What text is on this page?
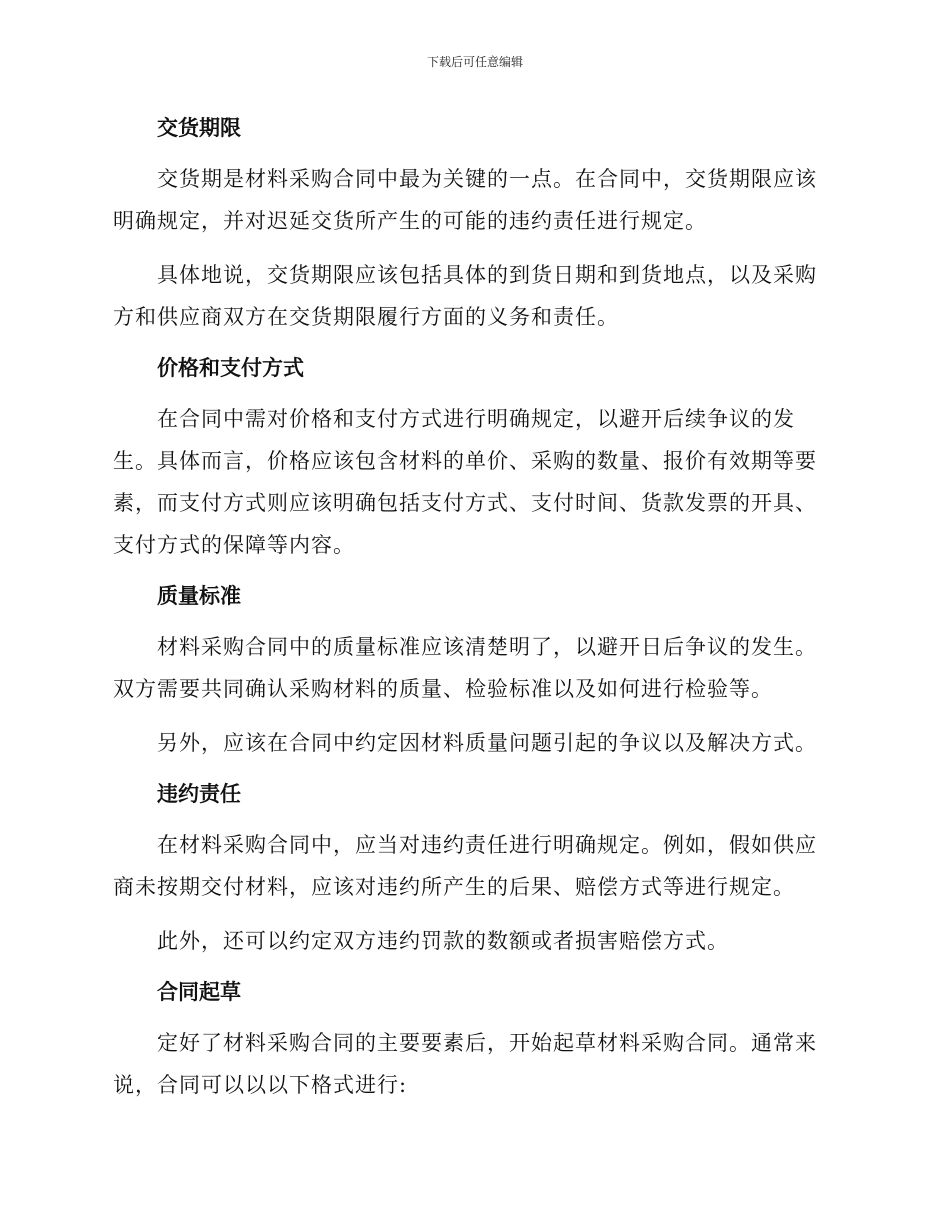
下载后可任意编辑
交货期限

交货期是材料采购合同中最为关键的一点。在合同中，交货期限应该明确规定，并对迟延交货所产生的可能的违约责任进行规定。

具体地说，交货期限应该包括具体的到货日期和到货地点，以及采购方和供应商双方在交货期限履行方面的义务和责任。

价格和支付方式

在合同中需对价格和支付方式进行明确规定，以避开后续争议的发生。具体而言，价格应该包含材料的单价、采购的数量、报价有效期等要素，而支付方式则应该明确包括支付方式、支付时间、货款发票的开具、支付方式的保障等内容。

质量标准

材料采购合同中的质量标准应该清楚明了，以避开日后争议的发生。双方需要共同确认采购材料的质量、检验标准以及如何进行检验等。

另外，应该在合同中约定因材料质量问题引起的争议以及解决方式。

违约责任

在材料采购合同中，应当对违约责任进行明确规定。例如，假如供应商未按期交付材料，应该对违约所产生的后果、赔偿方式等进行规定。

此外，还可以约定双方违约罚款的数额或者损害赔偿方式。

合同起草

定好了材料采购合同的主要要素后，开始起草材料采购合同。通常来说，合同可以以以下格式进行:
